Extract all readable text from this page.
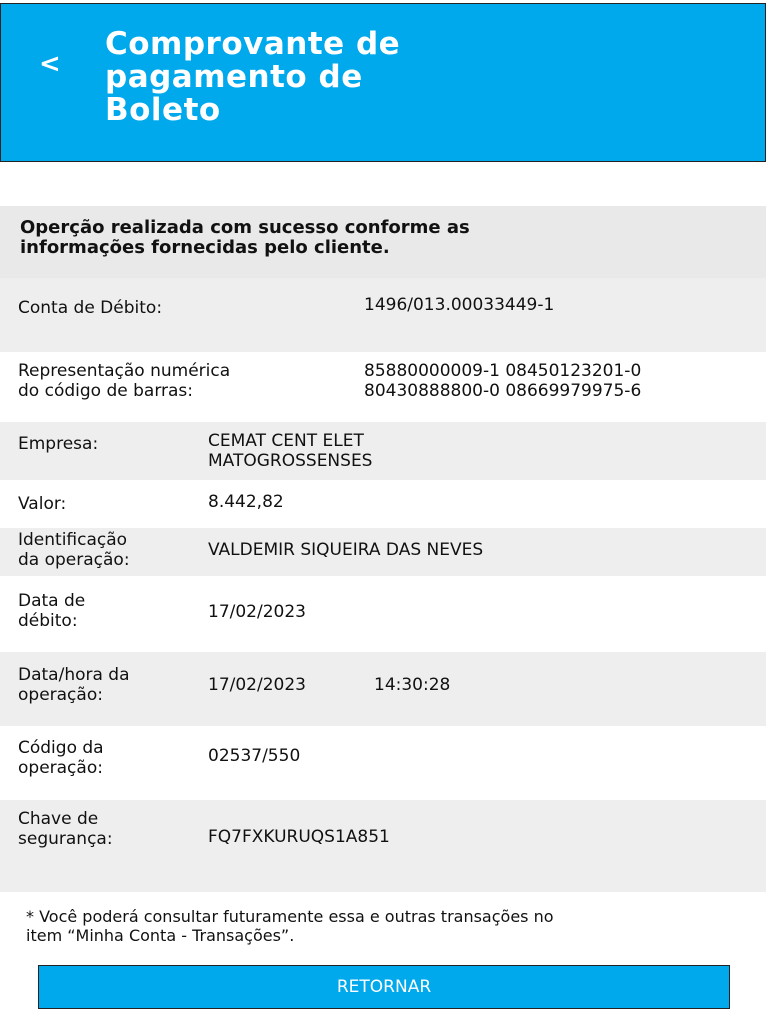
<
Comprovante de
pagamento de
Boleto
Operção realizada com sucesso conforme as
informações fornecidas pelo cliente.
Conta de Débito:	1496/013.00033449-1
Representação numérica
do código de barras:
85880000009-1 08450123201-0
80430888800-0 08669979975-6
Empresa:	CEMAT CENT ELET
MATOGROSSENSES
Valor:	8.442,82
Identificação
da operação:	VALDEMIR SIQUEIRA DAS NEVES
Data de
débito:	17/02/2023
Data/hora da
operação:	17/02/2023	14:30:28
Código da
operação:
02537/550
Chave de
segurança:	FQ7FXKURUQS1A851
* Você poderá consultar futuramente essa e outras transações no
item “Minha Conta - Transações”.
RETORNAR
